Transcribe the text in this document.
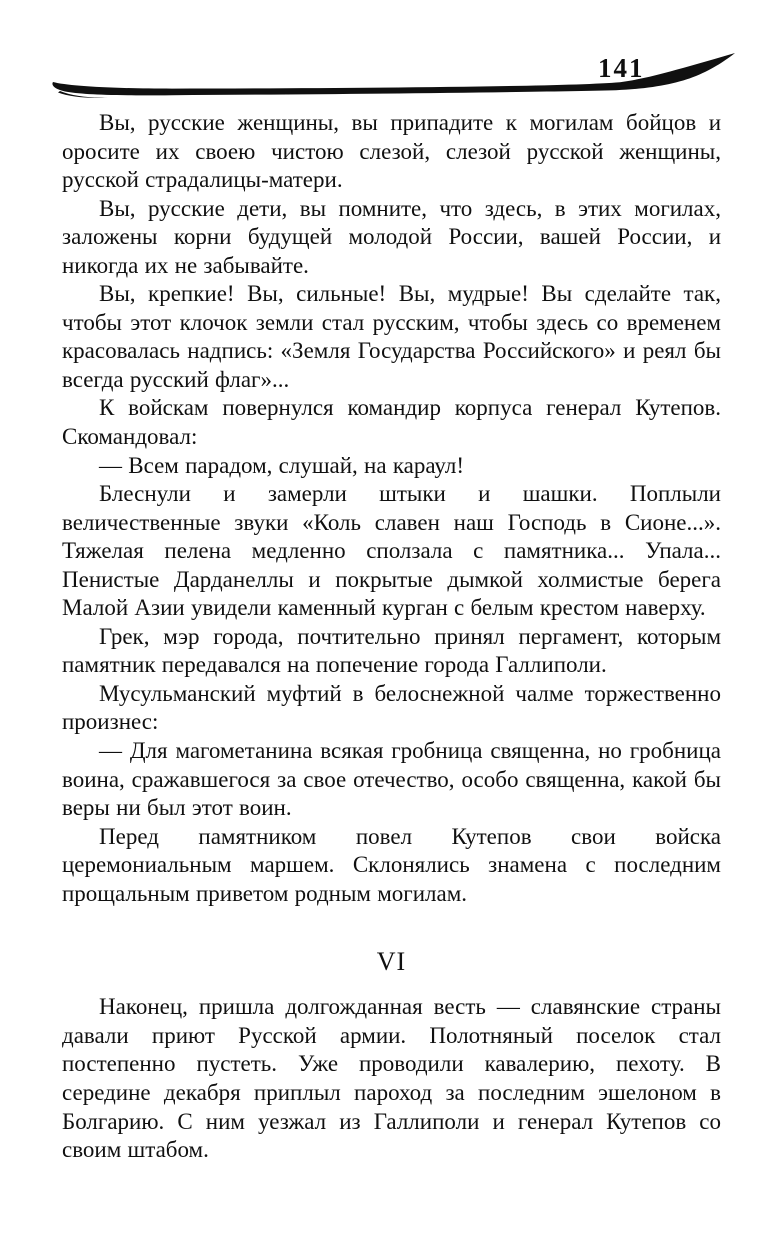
141

Вы, русские женщины, вы припадите к могилам бойцов и оросите их своею чистою слезой, слезой русской женщины, русской страдалицы-матери.

Вы, русские дети, вы помните, что здесь, в этих могилах, заложены корни будущей молодой России, вашей России, и никогда их не забывайте.

Вы, крепкие! Вы, сильные! Вы, мудрые! Вы сделайте так, чтобы этот клочок земли стал русским, чтобы здесь со временем красовалась надпись: «Земля Государства Российского» и реял бы всегда русский флаг»...

К войскам повернулся командир корпуса генерал Кутепов. Скомандовал:

— Всем парадом, слушай, на караул!

Блеснули и замерли штыки и шашки. Поплыли величественные звуки «Коль славен наш Господь в Сионе...». Тяжелая пелена медленно сползала с памятника... Упала... Пенистые Дарданеллы и покрытые дымкой холмистые берега Малой Азии увидели каменный курган с белым крестом наверху.

Грек, мэр города, почтительно принял пергамент, которым памятник передавался на попечение города Галлиполи.

Мусульманский муфтий в белоснежной чалме торжественно произнес:

— Для магометанина всякая гробница священна, но гробница воина, сражавшегося за свое отечество, особо священна, какой бы веры ни был этот воин.

Перед памятником повел Кутепов свои войска церемониальным маршем. Склонялись знамена с последним прощальным приветом родным могилам.

VI

Наконец, пришла долгожданная весть — славянские страны давали приют Русской армии. Полотняный поселок стал постепенно пустеть. Уже проводили кавалерию, пехоту. В середине декабря приплыл пароход за последним эшелоном в Болгарию. С ним уезжал из Галлиполи и генерал Кутепов со своим штабом.
